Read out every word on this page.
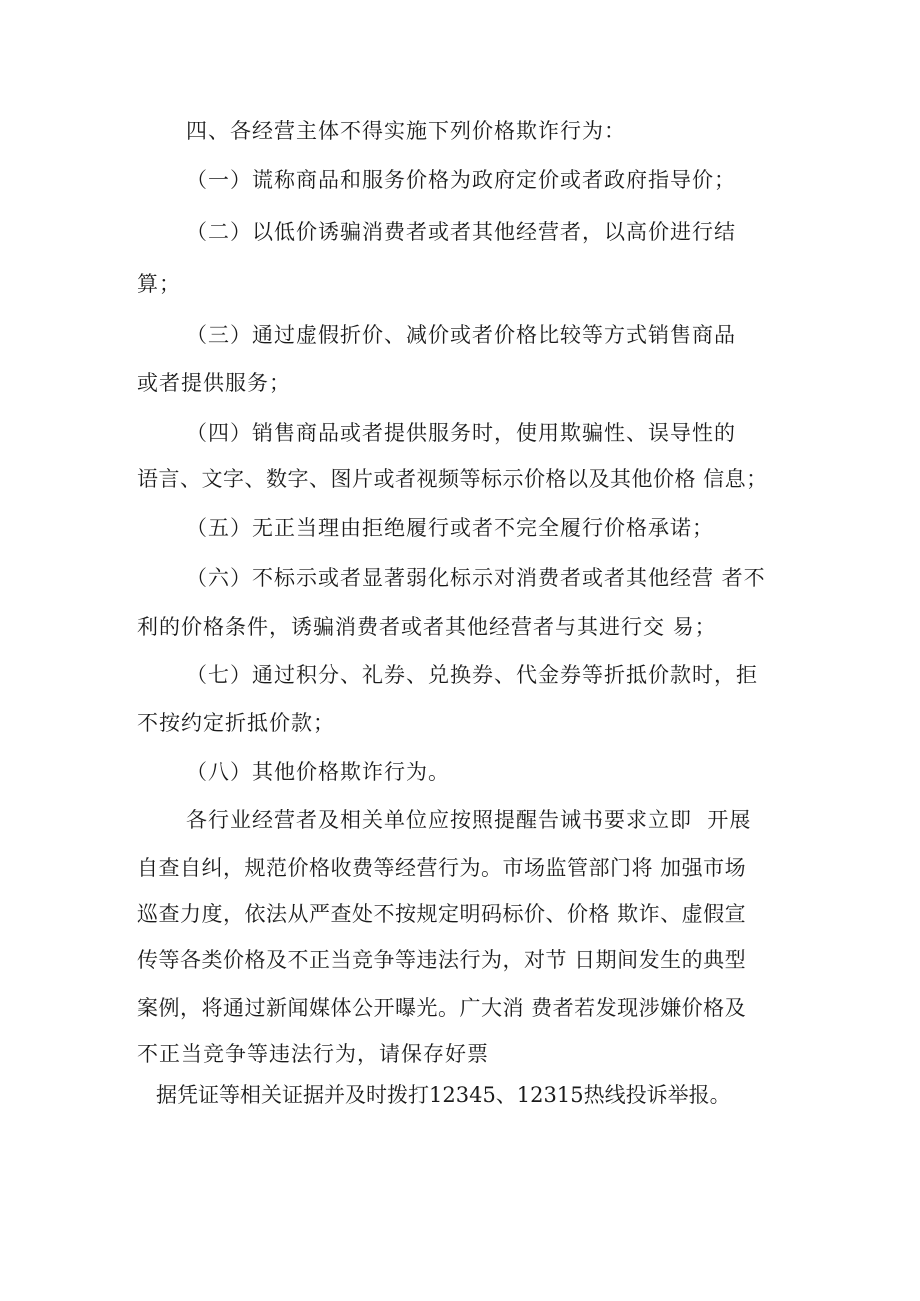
四、各经营主体不得实施下列价格欺诈行为：
（一）谎称商品和服务价格为政府定价或者政府指导价；
（二）以低价诱骗消费者或者其他经营者，以高价进行结
算；
（三）通过虚假折价、减价或者价格比较等方式销售商品
或者提供服务；
（四）销售商品或者提供服务时，使用欺骗性、误导性的
语言、文字、数字、图片或者视频等标示价格以及其他价格 信息；
（五）无正当理由拒绝履行或者不完全履行价格承诺；
（六）不标示或者显著弱化标示对消费者或者其他经营 者不
利的价格条件，诱骗消费者或者其他经营者与其进行交 易；
（七）通过积分、礼券、兑换券、代金券等折抵价款时，拒
不按约定折抵价款；
（八）其他价格欺诈行为。
各行业经营者及相关单位应按照提醒告诫书要求立即  开展
自查自纠，规范价格收费等经营行为。市场监管部门将 加强市场
巡查力度，依法从严查处不按规定明码标价、价格 欺诈、虚假宣
传等各类价格及不正当竞争等违法行为，对节 日期间发生的典型
案例，将通过新闻媒体公开曝光。广大消 费者若发现涉嫌价格及
不正当竞争等违法行为，请保存好票
据凭证等相关证据并及时拨打12345、12315热线投诉举报。
